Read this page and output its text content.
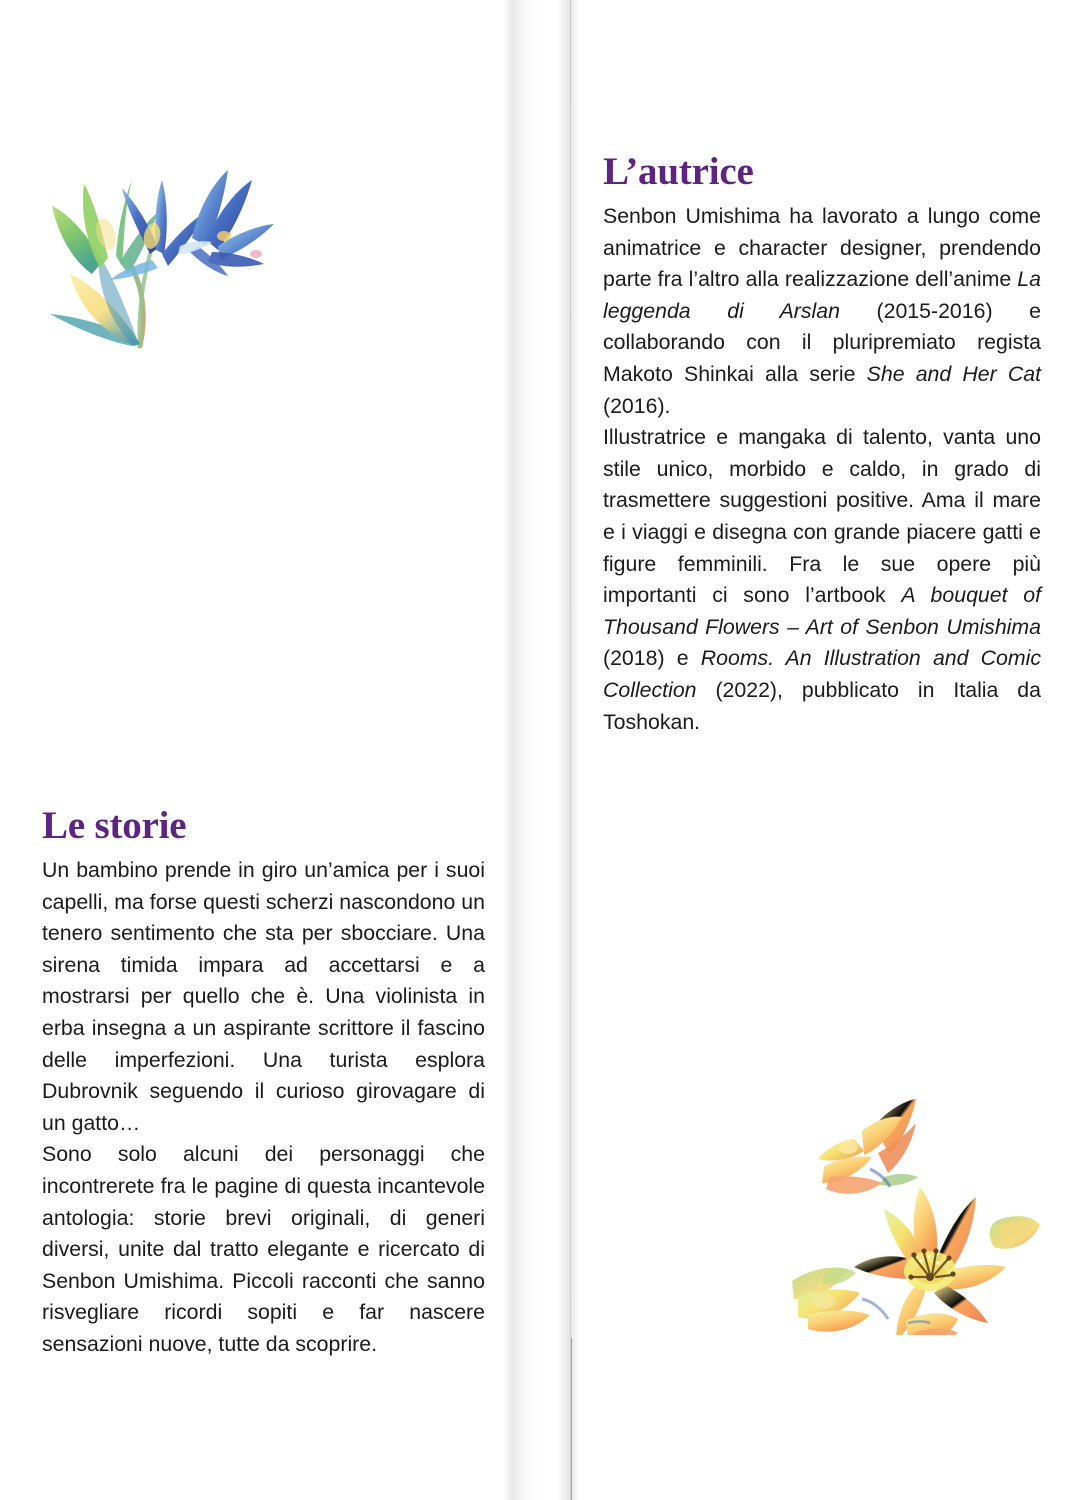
Le storie

Un bambino prende in giro un’amica per i suoi capelli, ma forse questi scherzi nascondono un tenero sentimento che sta per sbocciare. Una sirena timida impara ad accettarsi e a mostrarsi per quello che è. Una violinista in erba insegna a un aspirante scrittore il fascino delle imperfezioni. Una turista esplora Dubrovnik seguendo il curioso girovagare di un gatto…

Sono solo alcuni dei personaggi che incontrerete fra le pagine di questa incantevole antologia: storie brevi originali, di generi diversi, unite dal tratto elegante e ricercato di Senbon Umishima. Piccoli racconti che sanno risvegliare ricordi sopiti e far nascere sensazioni nuove, tutte da scoprire.

L’autrice

Senbon Umishima ha lavorato a lungo come animatrice e character designer, prendendo parte fra l’altro alla realizzazione dell’anime La leggenda di Arslan (2015-2016) e collaborando con il pluripremiato regista Makoto Shinkai alla serie She and Her Cat (2016).

Illustratrice e mangaka di talento, vanta uno stile unico, morbido e caldo, in grado di trasmettere suggestioni positive. Ama il mare e i viaggi e disegna con grande piacere gatti e figure femminili. Fra le sue opere più importanti ci sono l’artbook A bouquet of Thousand Flowers – Art of Senbon Umishima (2018) e Rooms. An Illustration and Comic Collection (2022), pubblicato in Italia da Toshokan.
